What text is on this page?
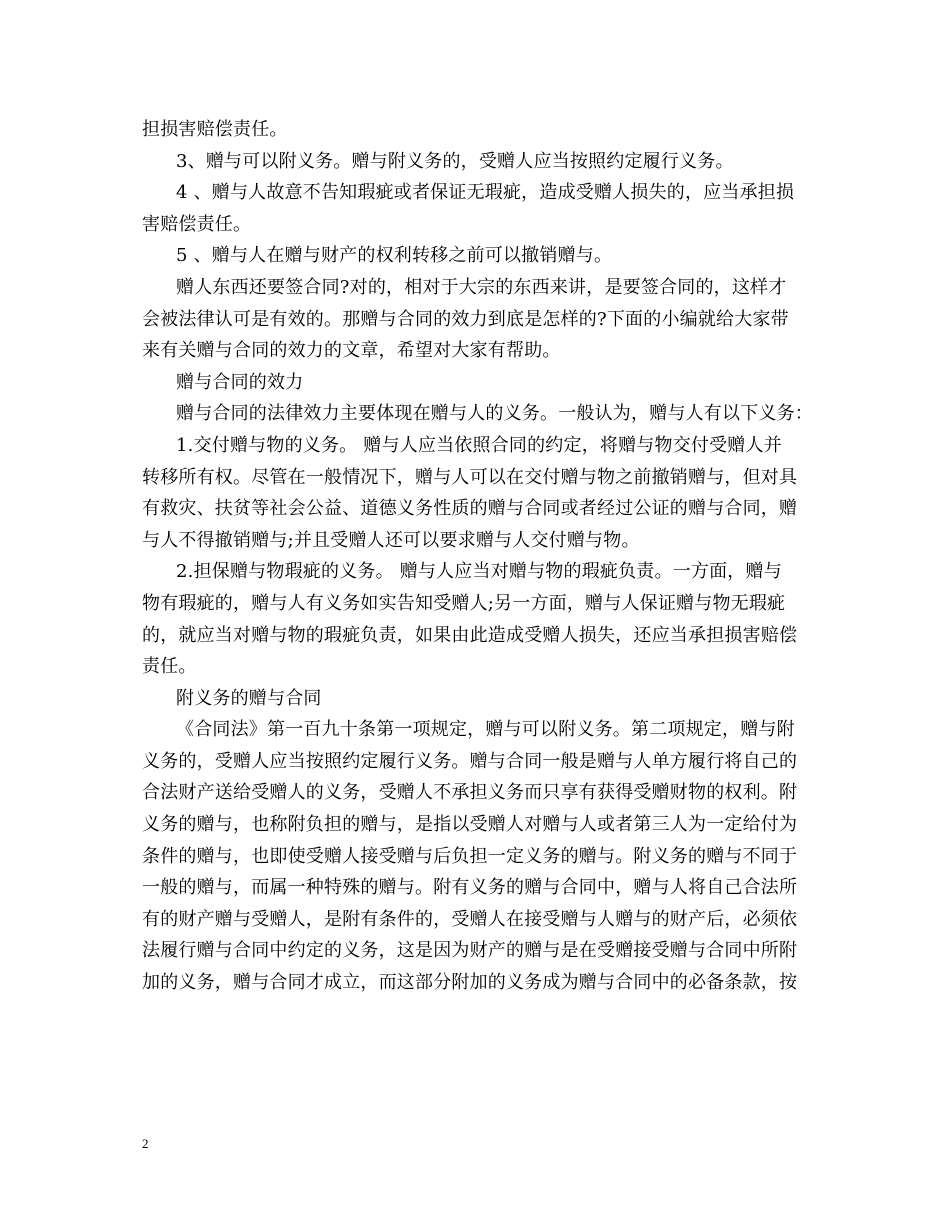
担损害赔偿责任。
3、赠与可以附义务。赠与附义务的，受赠人应当按照约定履行义务。
4 、赠与人故意不告知瑕疵或者保证无瑕疵，造成受赠人损失的，应当承担损
害赔偿责任。
5 、赠与人在赠与财产的权利转移之前可以撤销赠与。
赠人东西还要签合同?对的，相对于大宗的东西来讲，是要签合同的，这样才
会被法律认可是有效的。那赠与合同的效力到底是怎样的?下面的小编就给大家带
来有关赠与合同的效力的文章，希望对大家有帮助。
赠与合同的效力
赠与合同的法律效力主要体现在赠与人的义务。一般认为，赠与人有以下义务：
1.交付赠与物的义务。 赠与人应当依照合同的约定，将赠与物交付受赠人并
转移所有权。尽管在一般情况下，赠与人可以在交付赠与物之前撤销赠与，但对具
有救灾、扶贫等社会公益、道德义务性质的赠与合同或者经过公证的赠与合同，赠
与人不得撤销赠与;并且受赠人还可以要求赠与人交付赠与物。
2.担保赠与物瑕疵的义务。 赠与人应当对赠与物的瑕疵负责。一方面，赠与
物有瑕疵的，赠与人有义务如实告知受赠人;另一方面，赠与人保证赠与物无瑕疵
的，就应当对赠与物的瑕疵负责，如果由此造成受赠人损失，还应当承担损害赔偿
责任。
附义务的赠与合同
《合同法》第一百九十条第一项规定，赠与可以附义务。第二项规定，赠与附
义务的，受赠人应当按照约定履行义务。赠与合同一般是赠与人单方履行将自己的
合法财产送给受赠人的义务，受赠人不承担义务而只享有获得受赠财物的权利。附
义务的赠与，也称附负担的赠与，是指以受赠人对赠与人或者第三人为一定给付为
条件的赠与，也即使受赠人接受赠与后负担一定义务的赠与。附义务的赠与不同于
一般的赠与，而属一种特殊的赠与。附有义务的赠与合同中，赠与人将自己合法所
有的财产赠与受赠人，是附有条件的，受赠人在接受赠与人赠与的财产后，必须依
法履行赠与合同中约定的义务，这是因为财产的赠与是在受赠接受赠与合同中所附
加的义务，赠与合同才成立，而这部分附加的义务成为赠与合同中的必备条款，按
2
